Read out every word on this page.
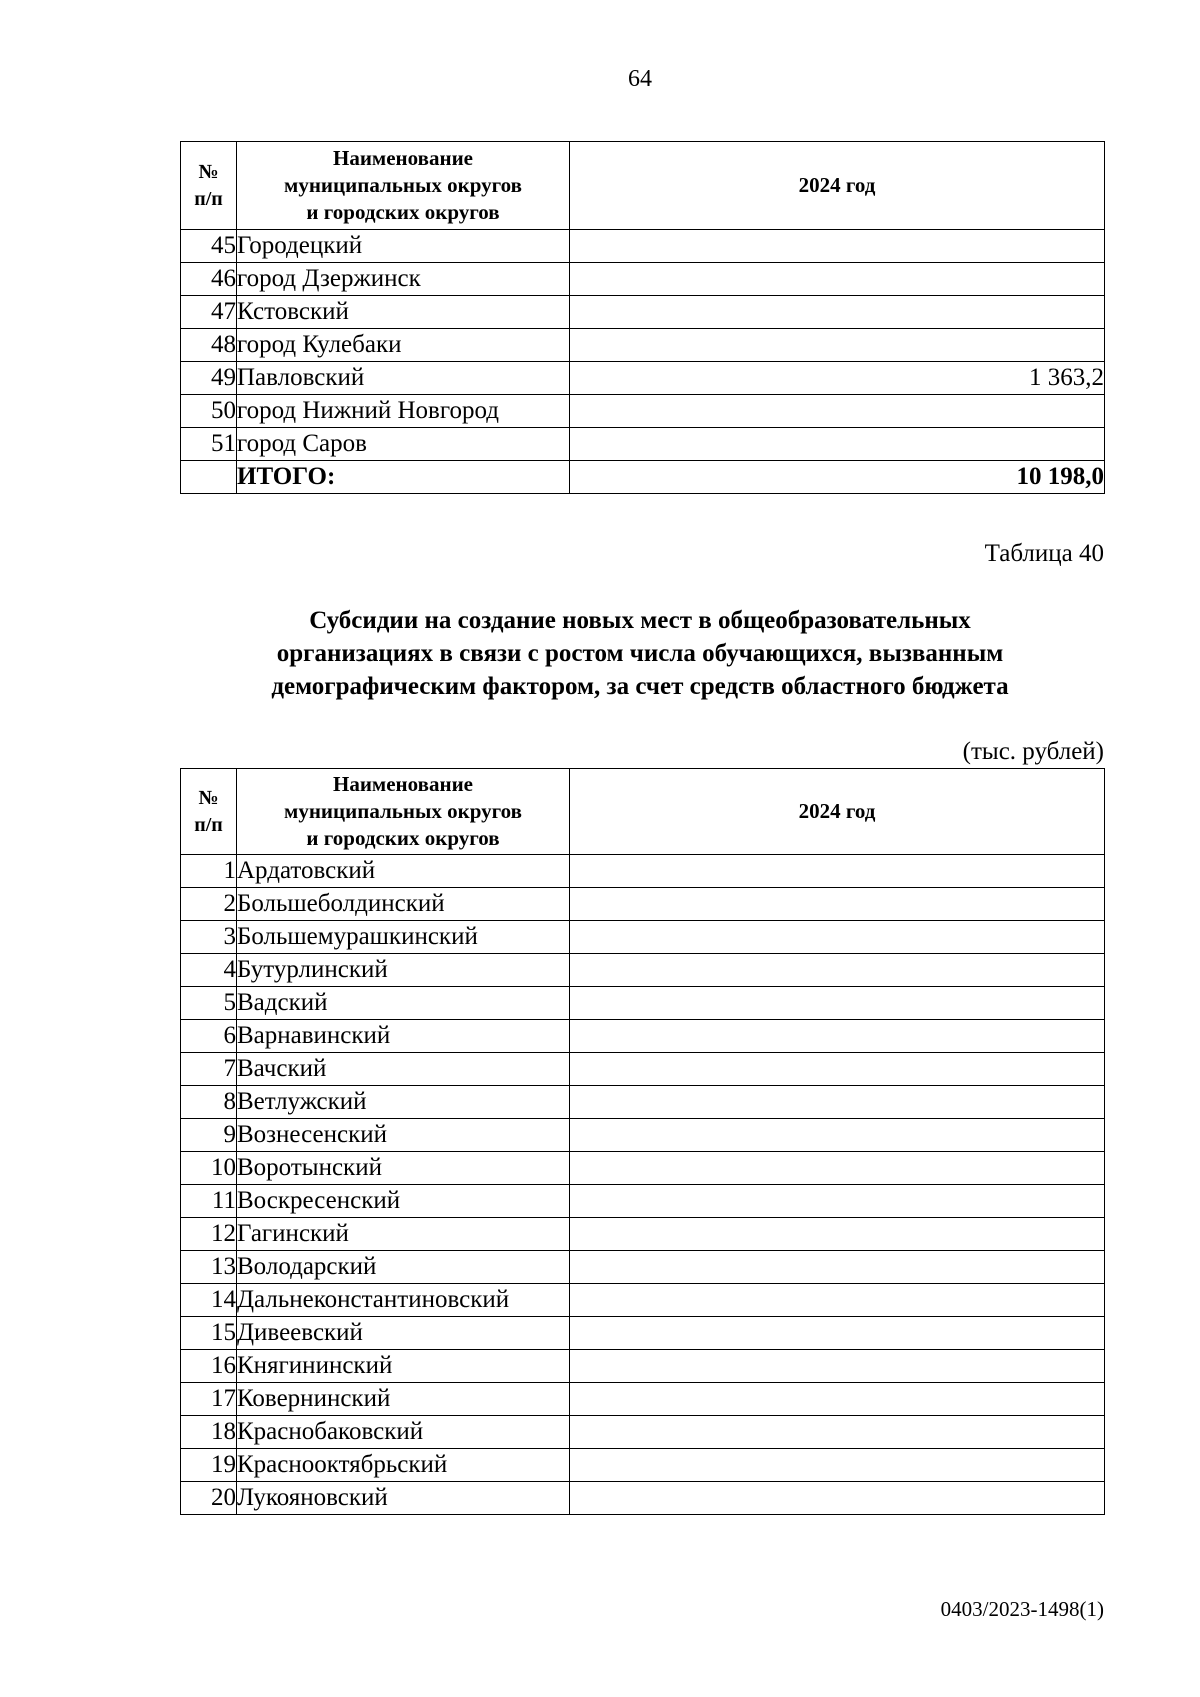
64
№
п/п	Наименование
муниципальных округов
и городских округов	2024 год
45	Городецкий	
46	город Дзержинск	
47	Кстовский	
48	город Кулебаки	
49	Павловский	1 363,2
50	город Нижний Новгород	
51	город Саров	
	ИТОГО:	10 198,0
Таблица 40
Субсидии на создание новых мест в общеобразовательных
организациях в связи с ростом числа обучающихся, вызванным
демографическим фактором, за счет средств областного бюджета
(тыс. рублей)
№
п/п	Наименование
муниципальных округов
и городских округов	2024 год
1	Ардатовский	
2	Большеболдинский	
3	Большемурашкинский	
4	Бутурлинский	
5	Вадский	
6	Варнавинский	
7	Вачский	
8	Ветлужский	
9	Вознесенский	
10	Воротынский	
11	Воскресенский	
12	Гагинский	
13	Володарский	
14	Дальнеконстантиновский	
15	Дивеевский	
16	Княгининский	
17	Ковернинский	
18	Краснобаковский	
19	Краснооктябрьский	
20	Лукояновский	
0403/2023-1498(1)
